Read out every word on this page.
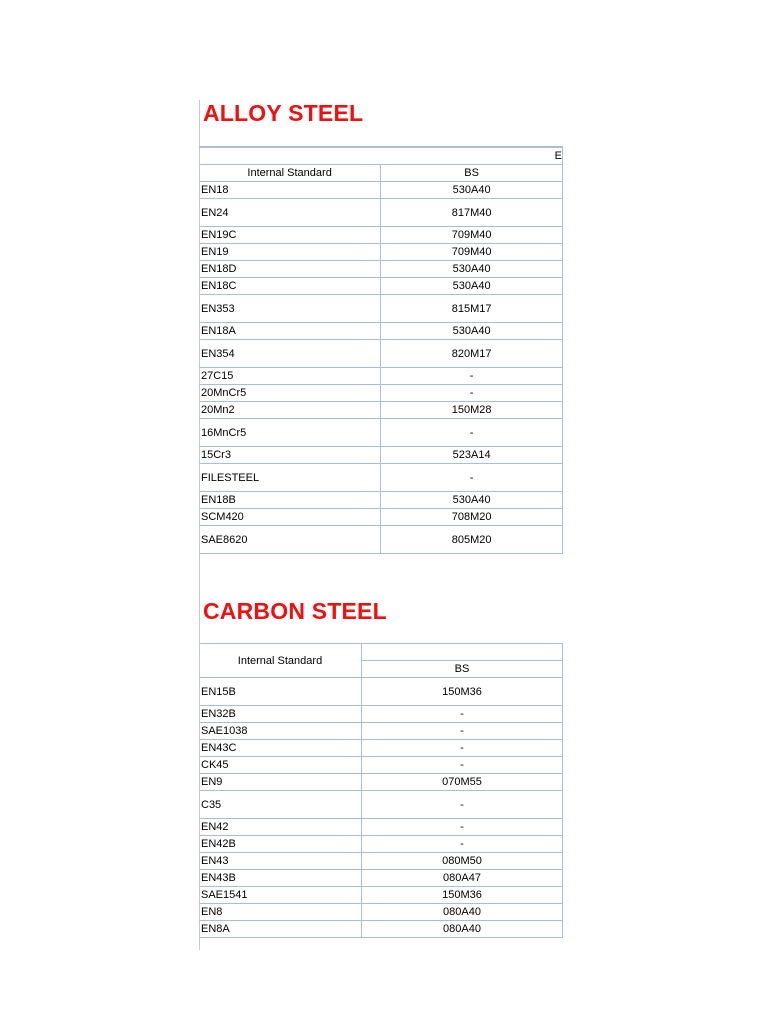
ALLOY STEEL
E	

Internal Standard	BS
EN18	530A40
EN24	817M40
EN19C	709M40
EN19	709M40
EN18D	530A40
EN18C	530A40
EN353	815M17
EN18A	530A40
EN354	820M17
27C15	-
20MnCr5	-
20Mn2	150M28
16MnCr5	-
15Cr3	523A14
FILESTEEL	-
EN18B	530A40
SCM420	708M20
SAE8620	805M20
CARBON STEEL
Internal Standard	
	BS
EN15B	150M36
EN32B	-
SAE1038	-
EN43C	-
CK45	-
EN9	070M55
C35	-
EN42	-
EN42B	-
EN43	080M50
EN43B	080A47
SAE1541	150M36
EN8	080A40
EN8A	080A40
